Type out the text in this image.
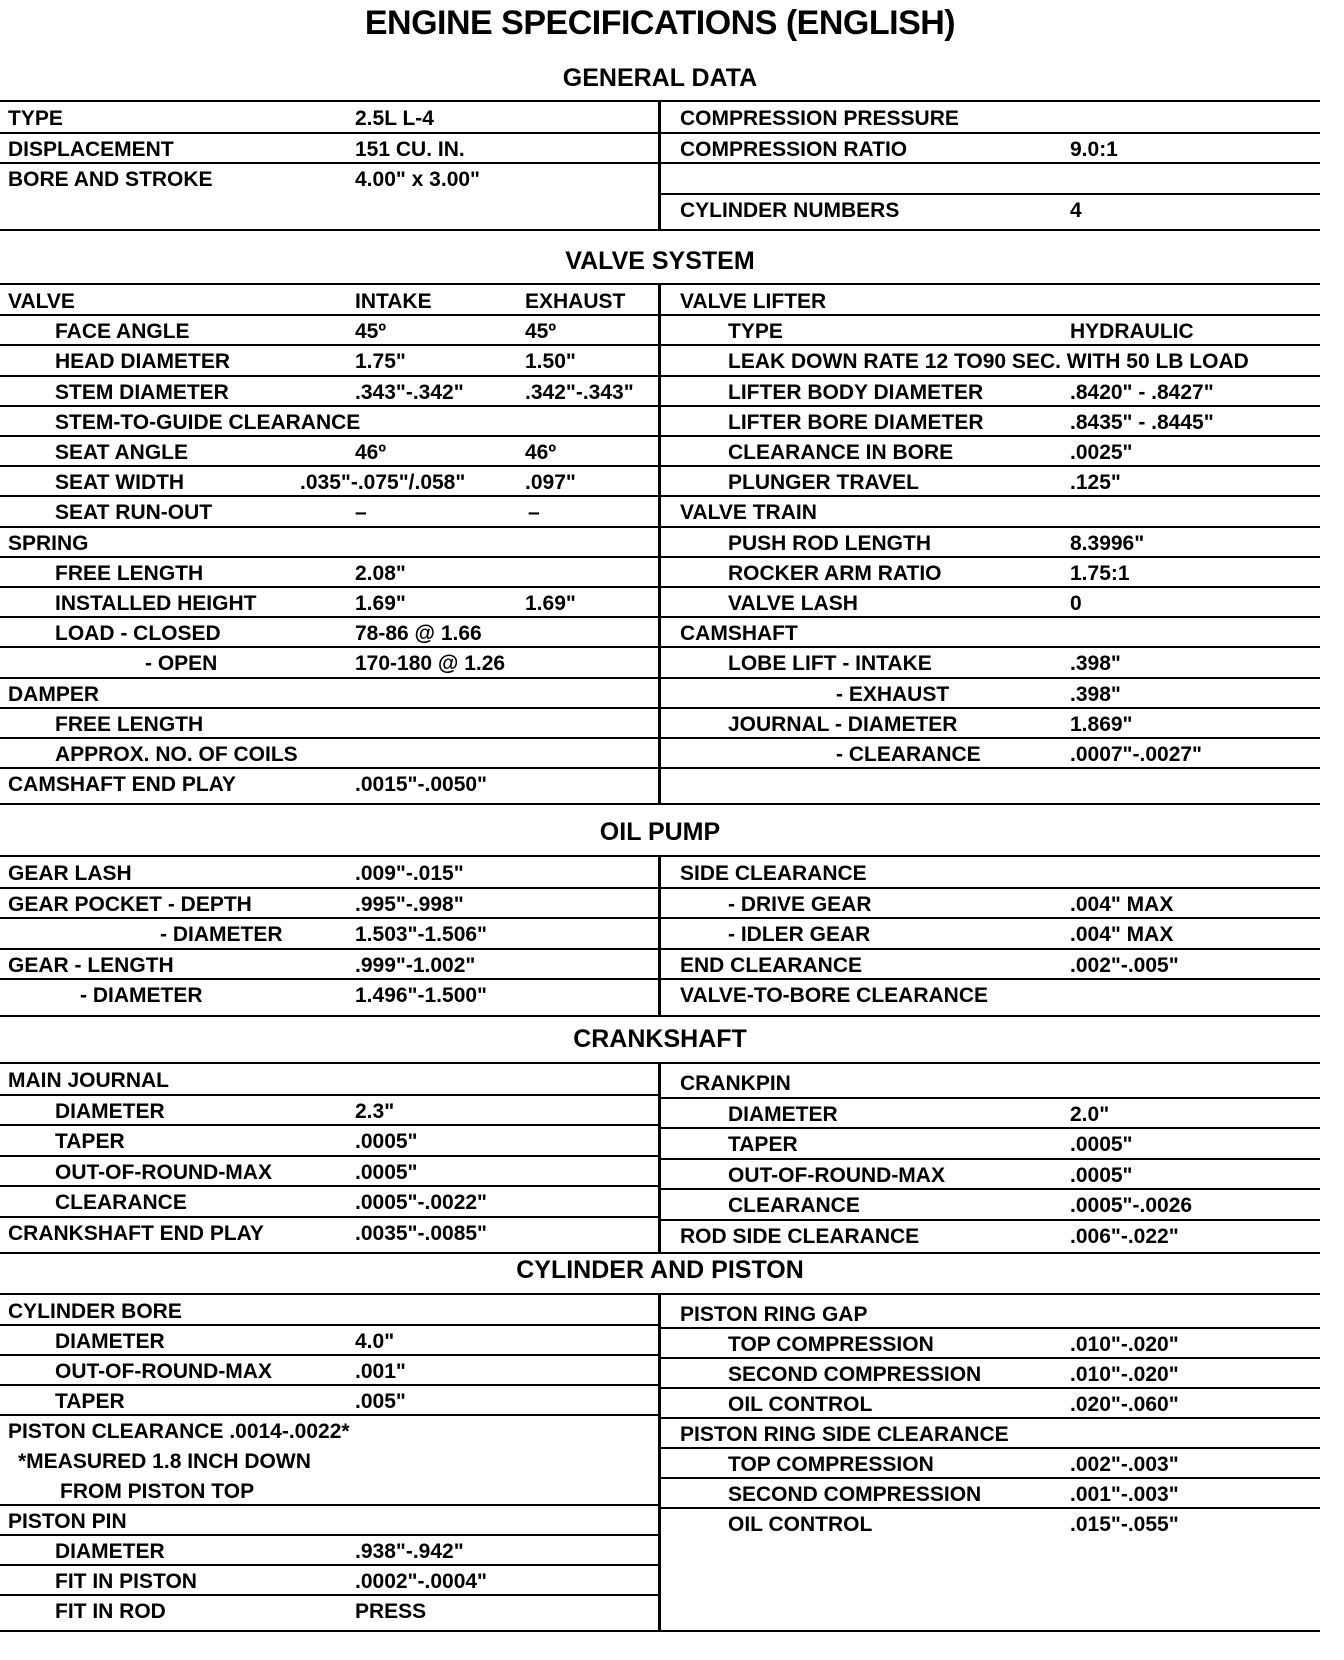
ENGINE SPECIFICATIONS (ENGLISH)
GENERAL DATA
TYPE	2.5L L-4
DISPLACEMENT	151 CU. IN.
BORE AND STROKE	4.00" x 3.00"
COMPRESSION PRESSURE
COMPRESSION RATIO	9.0:1
CYLINDER NUMBERS	4
VALVE SYSTEM
VALVE	INTAKE	EXHAUST
FACE ANGLE	45º	45º
HEAD DIAMETER	1.75"	1.50"
STEM DIAMETER	.343"-.342"	.342"-.343"
STEM-TO-GUIDE CLEARANCE
SEAT ANGLE	46º	46º
SEAT WIDTH	.035"-.075"/.058"	.097"
SEAT RUN-OUT	–	–
SPRING
FREE LENGTH	2.08"
INSTALLED HEIGHT	1.69"	1.69"
LOAD - CLOSED	78-86 @ 1.66
- OPEN	170-180 @ 1.26
DAMPER
FREE LENGTH
APPROX. NO. OF COILS
CAMSHAFT END PLAY	.0015"-.0050"
VALVE LIFTER
TYPE	HYDRAULIC
LEAK DOWN RATE 12 TO90 SEC. WITH 50 LB LOAD
LIFTER BODY DIAMETER	.8420" - .8427"
LIFTER BORE DIAMETER	.8435" - .8445"
CLEARANCE IN BORE	.0025"
PLUNGER TRAVEL	.125"
VALVE TRAIN
PUSH ROD LENGTH	8.3996"
ROCKER ARM RATIO	1.75:1
VALVE LASH	0
CAMSHAFT
LOBE LIFT - INTAKE	.398"
- EXHAUST	.398"
JOURNAL - DIAMETER	1.869"
- CLEARANCE	.0007"-.0027"
OIL PUMP
GEAR LASH	.009"-.015"
GEAR POCKET - DEPTH	.995"-.998"
- DIAMETER	1.503"-1.506"
GEAR - LENGTH	.999"-1.002"
- DIAMETER	1.496"-1.500"
SIDE CLEARANCE
- DRIVE GEAR	.004" MAX
- IDLER GEAR	.004" MAX
END CLEARANCE	.002"-.005"
VALVE-TO-BORE CLEARANCE
CRANKSHAFT
MAIN JOURNAL
DIAMETER	2.3"
TAPER	.0005"
OUT-OF-ROUND-MAX	.0005"
CLEARANCE	.0005"-.0022"
CRANKSHAFT END PLAY	.0035"-.0085"
CRANKPIN
DIAMETER	2.0"
TAPER	.0005"
OUT-OF-ROUND-MAX	.0005"
CLEARANCE	.0005"-.0026
ROD SIDE CLEARANCE	.006"-.022"
CYLINDER AND PISTON
CYLINDER BORE
DIAMETER	4.0"
OUT-OF-ROUND-MAX	.001"
TAPER	.005"
PISTON CLEARANCE .0014-.0022*
*MEASURED 1.8 INCH DOWN
FROM PISTON TOP
PISTON PIN
DIAMETER	.938"-.942"
FIT IN PISTON	.0002"-.0004"
FIT IN ROD	PRESS
PISTON RING GAP
TOP COMPRESSION	.010"-.020"
SECOND COMPRESSION	.010"-.020"
OIL CONTROL	.020"-.060"
PISTON RING SIDE CLEARANCE
TOP COMPRESSION	.002"-.003"
SECOND COMPRESSION	.001"-.003"
OIL CONTROL	.015"-.055"
